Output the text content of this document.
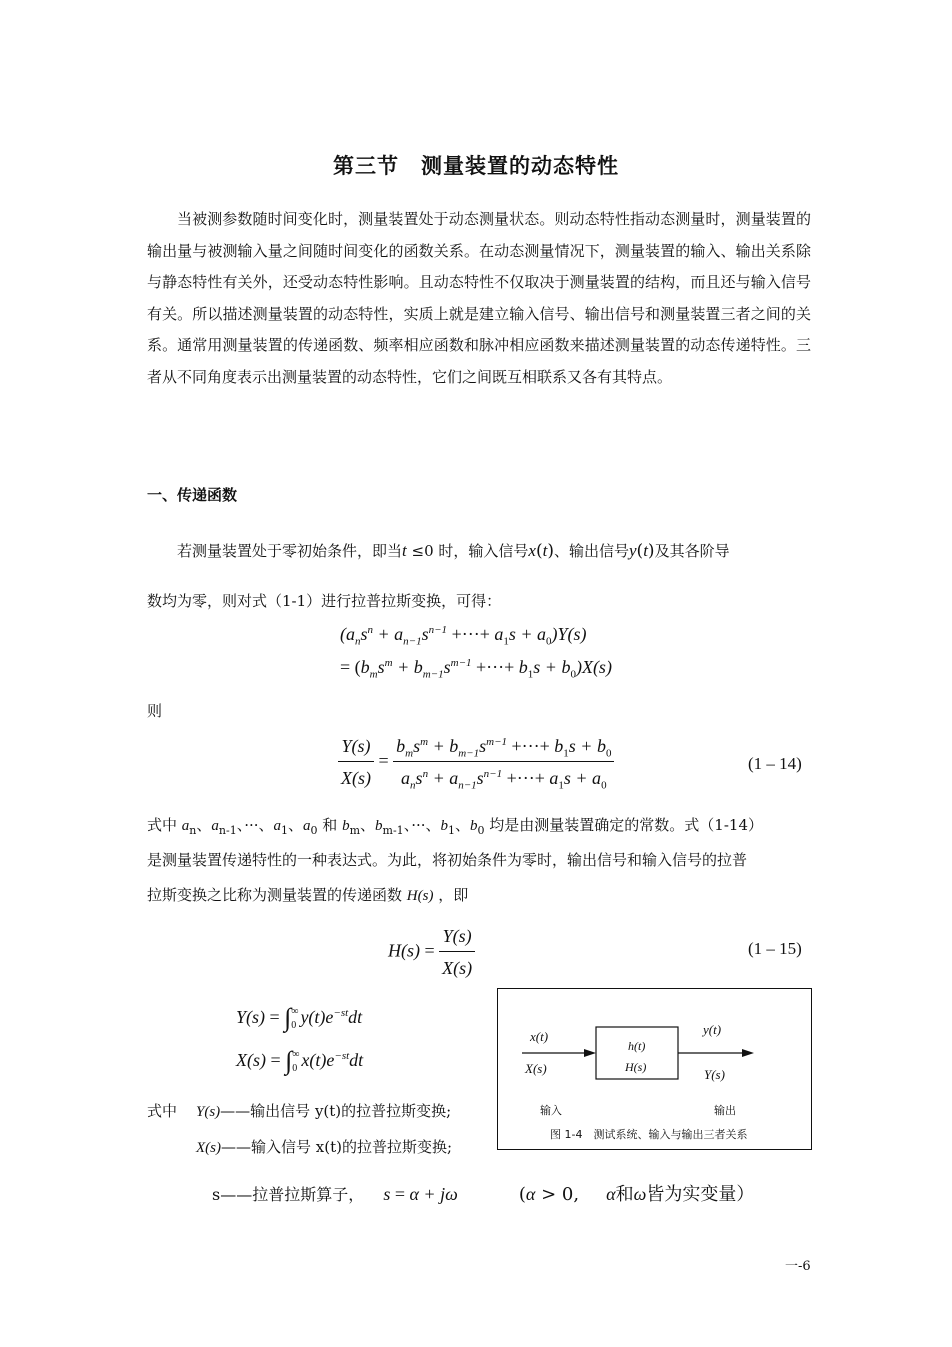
第三节　测量装置的动态特性
当被测参数随时间变化时，测量装置处于动态测量状态。则动态特性指动态测量时，测量装置的输出量与被测输入量之间随时间变化的函数关系。在动态测量情况下，测量装置的输入、输出关系除与静态特性有关外，还受动态特性影响。且动态特性不仅取决于测量装置的结构，而且还与输入信号有关。所以描述测量装置的动态特性，实质上就是建立输入信号、输出信号和测量装置三者之间的关系。通常用测量装置的传递函数、频率相应函数和脉冲相应函数来描述测量装置的动态传递特性。三者从不同角度表示出测量装置的动态特性，它们之间既互相联系又各有其特点。
一、传递函数
若测量装置处于零初始条件，即当t ≤0 时，输入信号x(t)、输出信号y(t)及其各阶导
数均为零，则对式（1-1）进行拉普拉斯变换，可得：
($a_ns^n + a_{n-1}s^{n-1}$ +···+ $a_1s + a_0)Y(s)$
= ($b_ms^m + b_{m-1}s^{m-1}$ +···+ $b_1s + b_0)X(s)$
则
$\frac{Y(s)}{X(s)} = \frac{b_ms^m + b_{m-1}s^{m-1} +\cdot\cdot\cdot+ b_1s + b_0}{a_ns^n + a_{n-1}s^{n-1} +\cdot\cdot\cdot+ a_1s + a_0}$	(1 – 14)
式中 $a_n$、$a_{n-1}$、···、$a_1$、$a_0$ 和 $b_m$、$b_{m-1}$、···、$b_1$、$b_0$ 均是由测量装置确定的常数。式（1-14）
是测量装置传递特性的一种表达式。为此，将初始条件为零时，输出信号和输入信号的拉普
拉斯变换之比称为测量装置的传递函数 H(s) ，即
$H(s) = \frac{Y(s)}{X(s)}$	(1 – 15)
Y(s) = ∫ ∞
0 $y(t)e^{-st}dt$
X(s) = ∫ ∞
0 $x(t)e^{-st}dt$
式中 Y(s)——输出信号 y(t)的拉普拉斯变换;
X(s)——输入信号 x(t)的拉普拉斯变换;
x(t)
X(s)
h(t)
H(s)
y(t)
Y(s)
输入	输出
图 1-4　测试系统、输入与输出三者关系
s——拉普拉斯算子， s = α + jω	(α > 0, α和ω皆为实变量）
一-6
